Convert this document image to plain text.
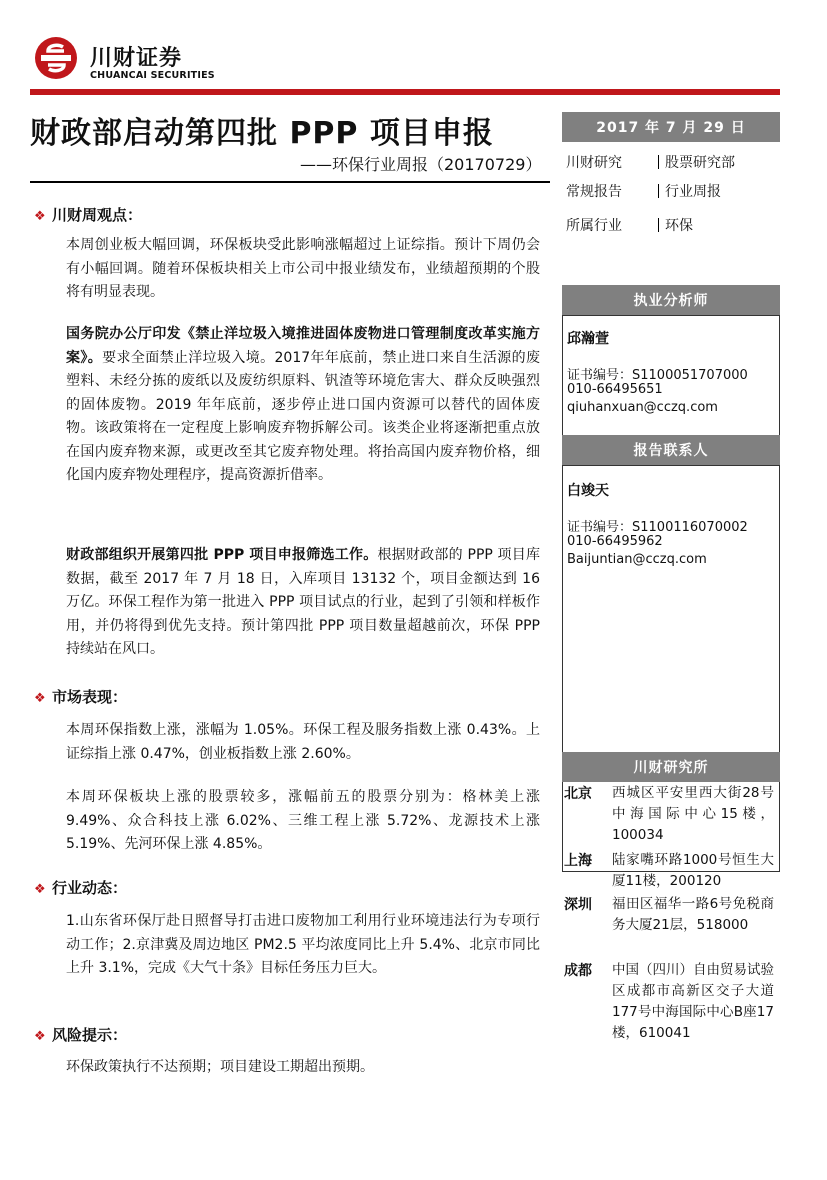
川财证券
CHUANCAI SECURITIES
财政部启动第四批 PPP 项目申报
——环保行业周报（20170729）
2017 年 7 月 29 日
川财研究	股票研究部
常规报告	行业周报
所属行业	环保
执业分析师
邱瀚萱
证书编号：S1100051707000
010-66495651
qiuhanxuan@cczq.com
报告联系人
白竣天
证书编号：S1100116070002
010-66495962
Baijuntian@cczq.com
川财研究所
北京 西城区平安里西大街28号中海国际中心15楼，100034
上海 陆家嘴环路1000号恒生大厦11楼，200120
深圳 福田区福华一路6号免税商务大厦21层，518000
成都 中国（四川）自由贸易试验区成都市高新区交子大道177号中海国际中心B座17楼，610041
❖ 川财周观点：
本周创业板大幅回调，环保板块受此影响涨幅超过上证综指。预计下周仍会有小幅回调。随着环保板块相关上市公司中报业绩发布，业绩超预期的个股将有明显表现。
国务院办公厅印发《禁止洋垃圾入境推进固体废物进口管理制度改革实施方案》。要求全面禁止洋垃圾入境。2017年年底前，禁止进口来自生活源的废塑料、未经分拣的废纸以及废纺织原料、钒渣等环境危害大、群众反映强烈的固体废物。2019 年年底前，逐步停止进口国内资源可以替代的固体废物。该政策将在一定程度上影响废弃物拆解公司。该类企业将逐渐把重点放在国内废弃物来源，或更改至其它废弃物处理。将抬高国内废弃物价格，细化国内废弃物处理程序，提高资源折借率。
财政部组织开展第四批 PPP 项目申报筛选工作。根据财政部的 PPP 项目库数据，截至 2017 年 7 月 18 日，入库项目 13132 个，项目金额达到 16 万亿。环保工程作为第一批进入 PPP 项目试点的行业，起到了引领和样板作用，并仍将得到优先支持。预计第四批 PPP 项目数量超越前次，环保 PPP 持续站在风口。
❖ 市场表现：
本周环保指数上涨，涨幅为 1.05%。环保工程及服务指数上涨 0.43%。上证综指上涨 0.47%，创业板指数上涨 2.60%。
本周环保板块上涨的股票较多，涨幅前五的股票分别为：格林美上涨 9.49%、众合科技上涨 6.02%、三维工程上涨 5.72%、龙源技术上涨 5.19%、先河环保上涨 4.85%。
❖ 行业动态：
1.山东省环保厅赴日照督导打击进口废物加工利用行业环境违法行为专项行动工作；2.京津冀及周边地区 PM2.5 平均浓度同比上升 5.4%、北京市同比上升 3.1%，完成《大气十条》目标任务压力巨大。
❖ 风险提示：
环保政策执行不达预期；项目建设工期超出预期。
